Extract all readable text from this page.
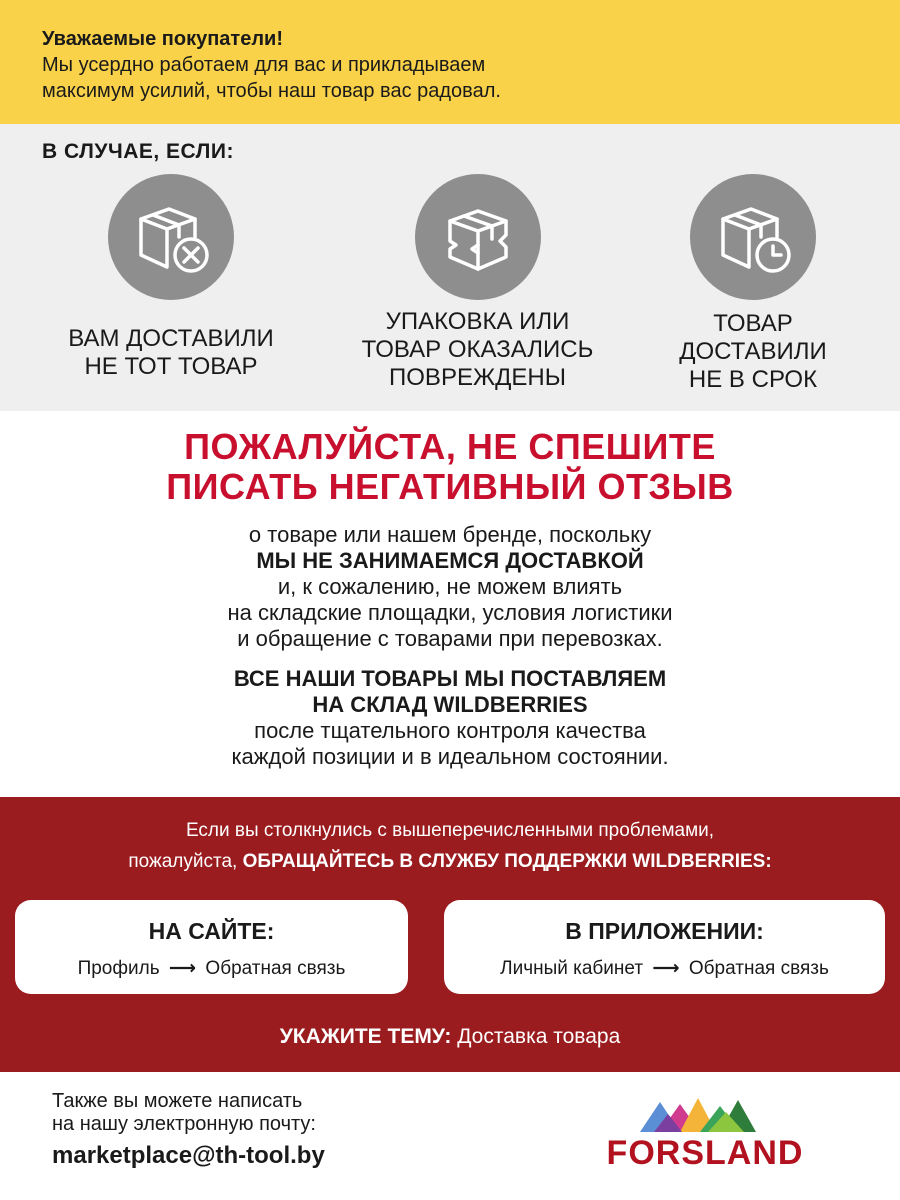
Уважаемые покупатели!
Мы усердно работаем для вас и прикладываем
максимум усилий, чтобы наш товар вас радовал.
В СЛУЧАЕ, ЕСЛИ:
ВАМ ДОСТАВИЛИ
НЕ ТОТ ТОВАР
УПАКОВКА ИЛИ
ТОВАР ОКАЗАЛИСЬ
ПОВРЕЖДЕНЫ
ТОВАР
ДОСТАВИЛИ
НЕ В СРОК
ПОЖАЛУЙСТА, НЕ СПЕШИТЕ
ПИСАТЬ НЕГАТИВНЫЙ ОТЗЫВ
о товаре или нашем бренде, поскольку
МЫ НЕ ЗАНИМАЕМСЯ ДОСТАВКОЙ
и, к сожалению, не можем влиять
на складские площадки, условия логистики
и обращение с товарами при перевозках.
ВСЕ НАШИ ТОВАРЫ МЫ ПОСТАВЛЯЕМ
НА СКЛАД WILDBERRIES
после тщательного контроля качества
каждой позиции и в идеальном состоянии.
Если вы столкнулись с вышеперечисленными проблемами,
пожалуйста, ОБРАЩАЙТЕСЬ В СЛУЖБУ ПОДДЕРЖКИ WILDBERRIES:
НА САЙТЕ:
Профиль ⟶ Обратная связь
В ПРИЛОЖЕНИИ:
Личный кабинет ⟶ Обратная связь
УКАЖИТЕ ТЕМУ: Доставка товара
Также вы можете написать
на нашу электронную почту:
marketplace@th-tool.by	FORSLAND
